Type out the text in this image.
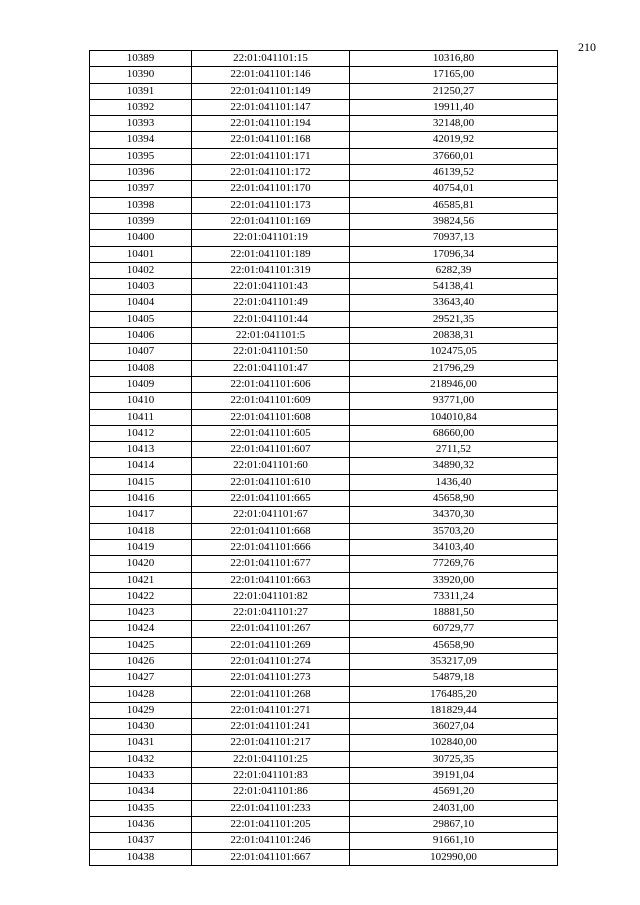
210
10389	22:01:041101:15	10316,80
10390	22:01:041101:146	17165,00
10391	22:01:041101:149	21250,27
10392	22:01:041101:147	19911,40
10393	22:01:041101:194	32148,00
10394	22:01:041101:168	42019,92
10395	22:01:041101:171	37660,01
10396	22:01:041101:172	46139,52
10397	22:01:041101:170	40754,01
10398	22:01:041101:173	46585,81
10399	22:01:041101:169	39824,56
10400	22:01:041101:19	70937,13
10401	22:01:041101:189	17096,34
10402	22:01:041101:319	6282,39
10403	22:01:041101:43	54138,41
10404	22:01:041101:49	33643,40
10405	22:01:041101:44	29521,35
10406	22:01:041101:5	20838,31
10407	22:01:041101:50	102475,05
10408	22:01:041101:47	21796,29
10409	22:01:041101:606	218946,00
10410	22:01:041101:609	93771,00
10411	22:01:041101:608	104010,84
10412	22:01:041101:605	68660,00
10413	22:01:041101:607	2711,52
10414	22:01:041101:60	34890,32
10415	22:01:041101:610	1436,40
10416	22:01:041101:665	45658,90
10417	22:01:041101:67	34370,30
10418	22:01:041101:668	35703,20
10419	22:01:041101:666	34103,40
10420	22:01:041101:677	77269,76
10421	22:01:041101:663	33920,00
10422	22:01:041101:82	73311,24
10423	22:01:041101:27	18881,50
10424	22:01:041101:267	60729,77
10425	22:01:041101:269	45658,90
10426	22:01:041101:274	353217,09
10427	22:01:041101:273	54879,18
10428	22:01:041101:268	176485,20
10429	22:01:041101:271	181829,44
10430	22:01:041101:241	36027,04
10431	22:01:041101:217	102840,00
10432	22:01:041101:25	30725,35
10433	22:01:041101:83	39191,04
10434	22:01:041101:86	45691,20
10435	22:01:041101:233	24031,00
10436	22:01:041101:205	29867,10
10437	22:01:041101:246	91661,10
10438	22:01:041101:667	102990,00
